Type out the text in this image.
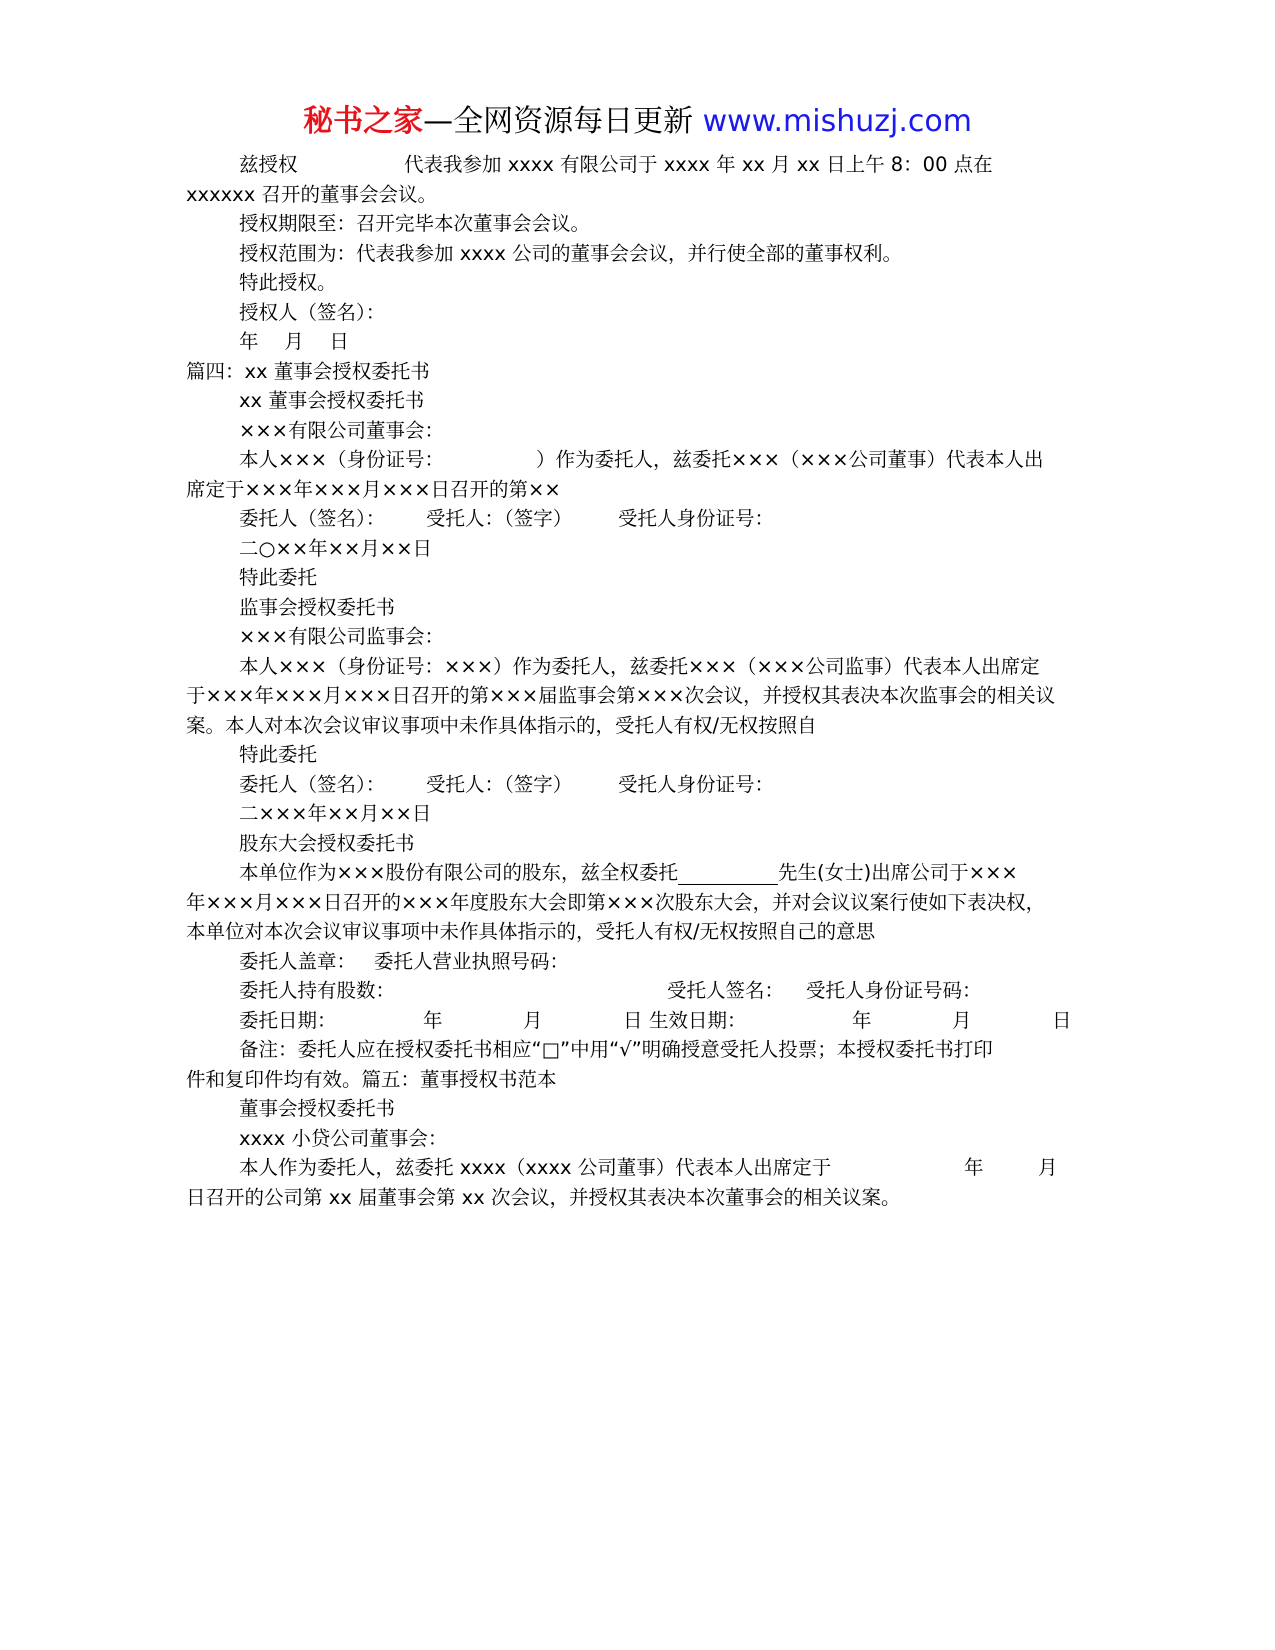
秘书之家—全网资源每日更新 www.mishuzj.com
兹授权	代表我参加 xxxx 有限公司于 xxxx 年 xx 月 xx 日上午 8：00 点在
xxxxxx 召开的董事会会议。
授权期限至：召开完毕本次董事会会议。
授权范围为：代表我参加 xxxx 公司的董事会会议，并行使全部的董事权利。
特此授权。
授权人（签名）：
年　 月　 日
篇四：xx 董事会授权委托书
xx 董事会授权委托书
×××有限公司董事会：
本人×××（身份证号：	）作为委托人，兹委托×××（×××公司董事）代表本人出
席定于×××年×××月×××日召开的第××
委托人（签名）： 受托人：（签字） 受托人身份证号：
二○××年××月××日
特此委托
监事会授权委托书
×××有限公司监事会：
本人×××（身份证号：×××）作为委托人，兹委托×××（×××公司监事）代表本人出席定
于×××年×××月×××日召开的第×××届监事会第×××次会议，并授权其表决本次监事会的相关议
案。本人对本次会议审议事项中未作具体指示的，受托人有权/无权按照自
特此委托
委托人（签名）： 受托人：（签字） 受托人身份证号：
二×××年××月××日
股东大会授权委托书
本单位作为×××股份有限公司的股东，兹全权委托	先生(女士)出席公司于×××
年×××月×××日召开的×××年度股东大会即第×××次股东大会，并对会议议案行使如下表决权，
本单位对本次会议审议事项中未作具体指示的，受托人有权/无权按照自己的意思
委托人盖章： 委托人营业执照号码：
委托人持有股数：	受托人签名： 受托人身份证号码：
委托日期：	年	月	日 生效日期：	年	月	日
备注：委托人应在授权委托书相应“□”中用“√”明确授意受托人投票；本授权委托书打印
件和复印件均有效。篇五：董事授权书范本
董事会授权委托书
xxxx 小贷公司董事会：
本人作为委托人，兹委托 xxxx（xxxx 公司董事）代表本人出席定于	年	月
日召开的公司第 xx 届董事会第 xx 次会议，并授权其表决本次董事会的相关议案。
